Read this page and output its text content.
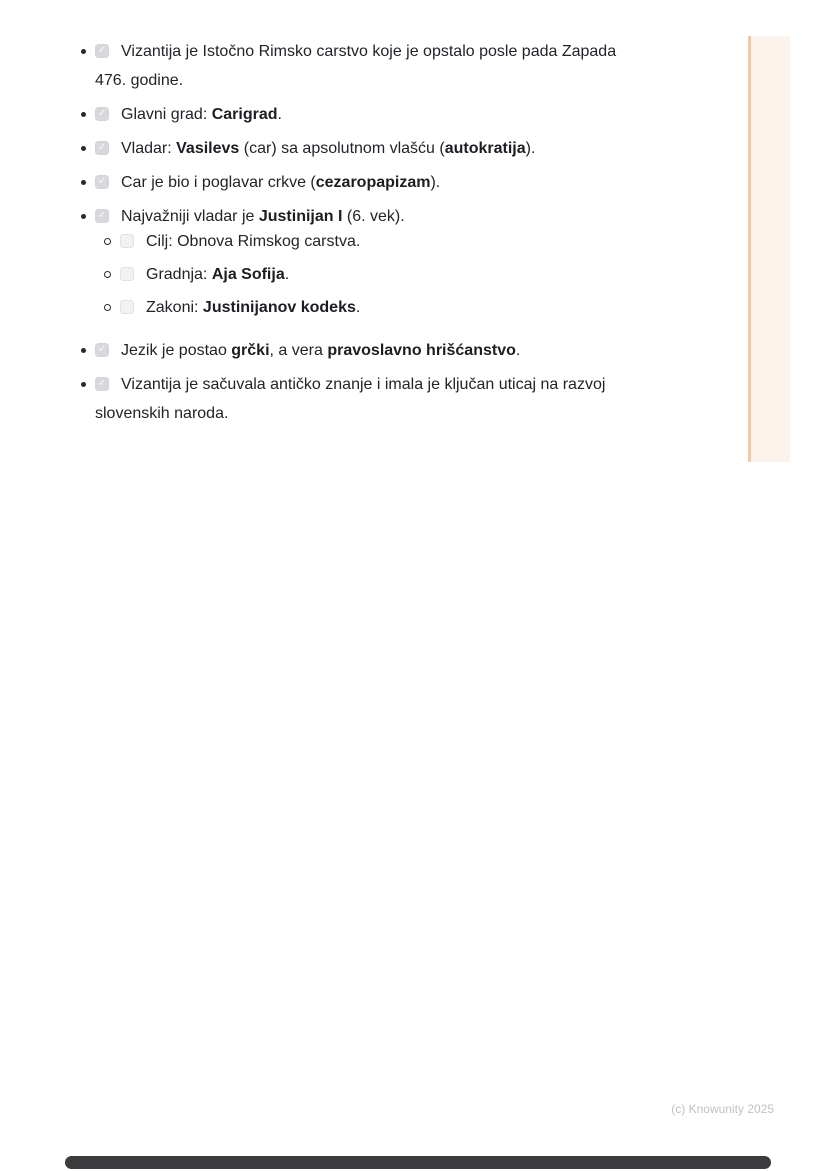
✓ Vizantija je Istočno Rimsko carstvo koje je opstalo posle pada Zapada
476. godine.
✓ Glavni grad: Carigrad.
✓ Vladar: Vasilevs (car) sa apsolutnom vlašću (autokratija).
✓ Car je bio i poglavar crkve (cezaropapizam).
✓ Najvažniji vladar je Justinijan I (6. vek).
Cilj: Obnova Rimskog carstva.
Gradnja: Aja Sofija.
Zakoni: Justinijanov kodeks.
✓ Jezik je postao grčki, a vera pravoslavno hrišćanstvo.
✓ Vizantija je sačuvala antičko znanje i imala je ključan uticaj na razvoj
slovenskih naroda.
(c) Knowunity 2025
